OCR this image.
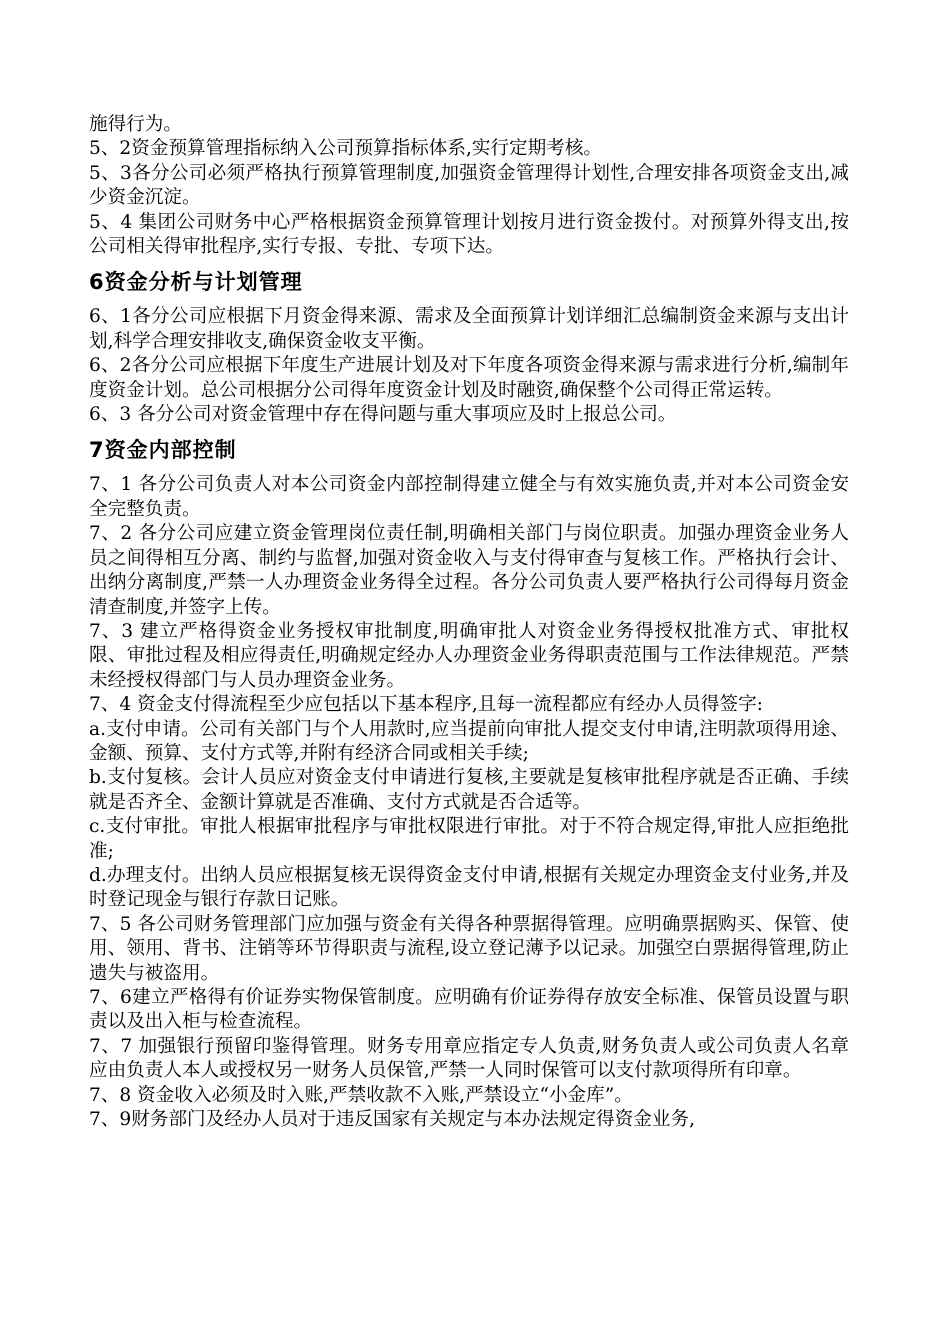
施得行为。

5、2资金预算管理指标纳入公司预算指标体系,实行定期考核。

5、3各分公司必须严格执行预算管理制度,加强资金管理得计划性,合理安排各项资金支出,减少资金沉淀。

5、4 集团公司财务中心严格根据资金预算管理计划按月进行资金拨付。对预算外得支出,按公司相关得审批程序,实行专报、专批、专项下达。

6资金分析与计划管理

6、1各分公司应根据下月资金得来源、需求及全面预算计划详细汇总编制资金来源与支出计划,科学合理安排收支,确保资金收支平衡。

6、2各分公司应根据下年度生产进展计划及对下年度各项资金得来源与需求进行分析,编制年度资金计划。总公司根据分公司得年度资金计划及时融资,确保整个公司得正常运转。

6、3 各分公司对资金管理中存在得问题与重大事项应及时上报总公司。

7资金内部控制

7、1 各分公司负责人对本公司资金内部控制得建立健全与有效实施负责,并对本公司资金安全完整负责。

7、2 各分公司应建立资金管理岗位责任制,明确相关部门与岗位职责。加强办理资金业务人员之间得相互分离、制约与监督,加强对资金收入与支付得审查与复核工作。严格执行会计、出纳分离制度,严禁一人办理资金业务得全过程。各分公司负责人要严格执行公司得每月资金清查制度,并签字上传。

7、3 建立严格得资金业务授权审批制度,明确审批人对资金业务得授权批准方式、审批权限、审批过程及相应得责任,明确规定经办人办理资金业务得职责范围与工作法律规范。严禁未经授权得部门与人员办理资金业务。

7、4 资金支付得流程至少应包括以下基本程序,且每一流程都应有经办人员得签字:

a.支付申请。公司有关部门与个人用款时,应当提前向审批人提交支付申请,注明款项得用途、金额、预算、支付方式等,并附有经济合同或相关手续;

b.支付复核。会计人员应对资金支付申请进行复核,主要就是复核审批程序就是否正确、手续就是否齐全、金额计算就是否准确、支付方式就是否合适等。

c.支付审批。审批人根据审批程序与审批权限进行审批。对于不符合规定得,审批人应拒绝批准;

d.办理支付。出纳人员应根据复核无误得资金支付申请,根据有关规定办理资金支付业务,并及时登记现金与银行存款日记账。

7、5 各公司财务管理部门应加强与资金有关得各种票据得管理。应明确票据购买、保管、使用、领用、背书、注销等环节得职责与流程,设立登记薄予以记录。加强空白票据得管理,防止遗失与被盗用。

7、6建立严格得有价证券实物保管制度。应明确有价证券得存放安全标准、保管员设置与职责以及出入柜与检查流程。

7、7 加强银行预留印鉴得管理。财务专用章应指定专人负责,财务负责人或公司负责人名章应由负责人本人或授权另一财务人员保管,严禁一人同时保管可以支付款项得所有印章。

7、8 资金收入必须及时入账,严禁收款不入账,严禁设立“小金库”。

7、9财务部门及经办人员对于违反国家有关规定与本办法规定得资金业务,
